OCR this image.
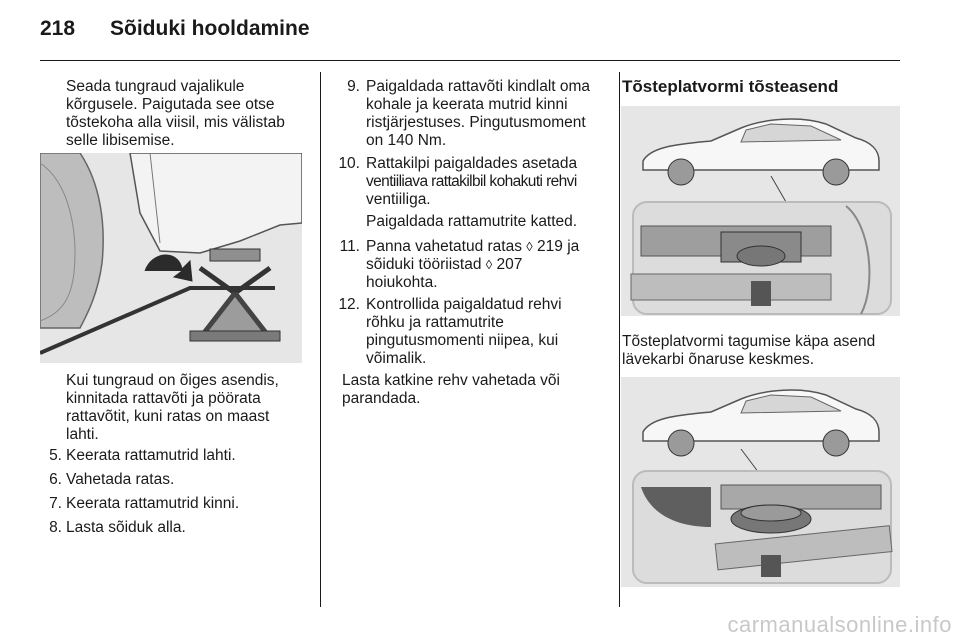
218 Sõiduki hooldamine
Seada tungraud vajalikule
kõrgusele. Paigutada see otse
tõstekoha alla viisil, mis välistab
selle libisemise.
Kui tungraud on õiges asendis,
kinnitada rattavõti ja pöörata
rattavõtit, kuni ratas on maast
lahti.
5. Keerata rattamutrid lahti.
6. Vahetada ratas.
7. Keerata rattamutrid kinni.
8. Lasta sõiduk alla.
9. Paigaldada rattavõti kindlalt oma
kohale ja keerata mutrid kinni
ristjärjestuses. Pingutusmoment
on 140 Nm.
10. Rattakilpi paigaldades asetada
ventiiliava rattakilbil kohakuti rehvi
ventiiliga.
Paigaldada rattamutrite katted.
11. Panna vahetatud ratas ◊ 219 ja
sõiduki tööriistad ◊ 207
hoiukohta.
12. Kontrollida paigaldatud rehvi
rõhku ja rattamutrite
pingutusmomenti niipea, kui
võimalik.
Lasta katkine rehv vahetada või
parandada.
Tõsteplatvormi tõsteasend
Tõsteplatvormi tagumise käpa asend
lävekarbi õnaruse keskmes.
carmanualsonline.info
